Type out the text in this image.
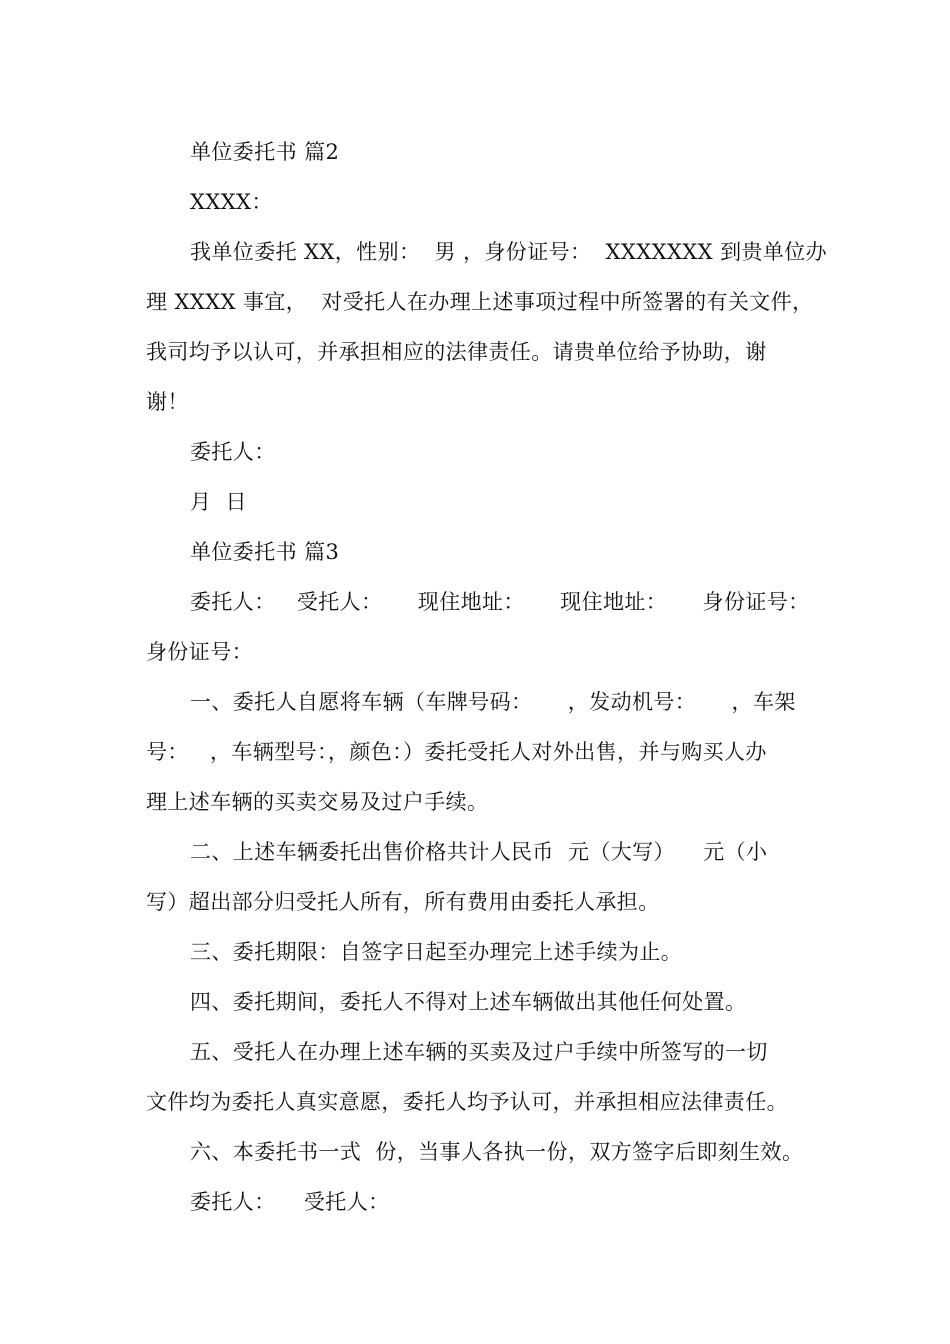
单位委托书 篇2
XXXX：
我单位委托 XX，性别：  男 ，身份证号：  XXXXXXX 到贵单位办
理 XXXX 事宜，  对受托人在办理上述事项过程中所签署的有关文件，
我司均予以认可，并承担相应的法律责任。请贵单位给予协助，谢
谢！
委托人：
月  日
单位委托书 篇3
委托人：   受托人：     现住地址：     现住地址：     身份证号：
身份证号：
一、委托人自愿将车辆（车牌号码：     ，发动机号：     ，车架
号：   ，车辆型号：，颜色：）委托受托人对外出售，并与购买人办
理上述车辆的买卖交易及过户手续。
二、上述车辆委托出售价格共计人民币  元（大写）    元（小
写）超出部分归受托人所有，所有费用由委托人承担。
三、委托期限：自签字日起至办理完上述手续为止。
四、委托期间，委托人不得对上述车辆做出其他任何处置。
五、受托人在办理上述车辆的买卖及过户手续中所签写的一切
文件均为委托人真实意愿，委托人均予认可，并承担相应法律责任。
六、本委托书一式  份，当事人各执一份，双方签字后即刻生效。
委托人：    受托人：
